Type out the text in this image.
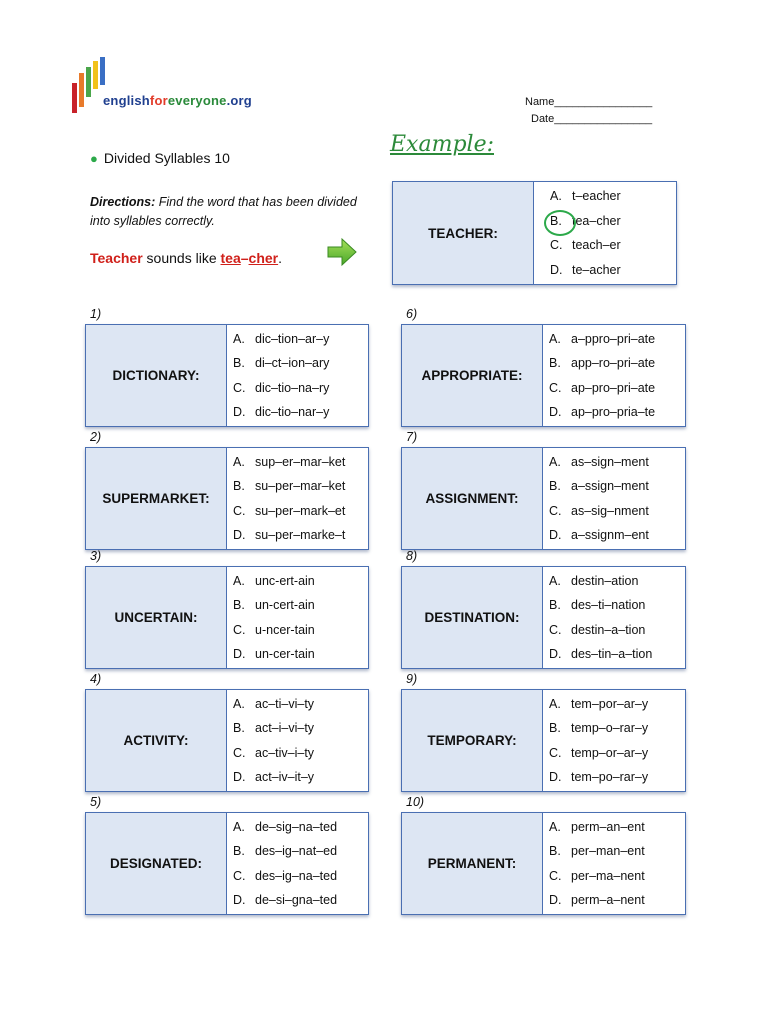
englishforeveryone.org	Name________________
Date________________
● Divided Syllables 10
Directions: Find the word that has been divided into syllables correctly.
Teacher sounds like tea–cher.
Example:
TEACHER:
A. t–eacher
B. tea–cher
C. teach–er
D. te–acher
1)
DICTIONARY:
A. dic–tion–ar–y
B. di–ct–ion–ary
C. dic–tio–na–ry
D. dic–tio–nar–y
2)
SUPERMARKET:
A. sup–er–mar–ket
B. su–per–mar–ket
C. su–per–mark–et
D. su–per–marke–t
3)
UNCERTAIN:
A. unc-ert-ain
B. un-cert-ain
C. u-ncer-tain
D. un-cer-tain
4)
ACTIVITY:
A. ac–ti–vi–ty
B. act–i–vi–ty
C. ac–tiv–i–ty
D. act–iv–it–y
5)
DESIGNATED:
A. de–sig–na–ted
B. des–ig–nat–ed
C. des–ig–na–ted
D. de–si–gna–ted
6)
APPROPRIATE:
A. a–ppro–pri–ate
B. app–ro–pri–ate
C. ap–pro–pri–ate
D. ap–pro–pria–te
7)
ASSIGNMENT:
A. as–sign–ment
B. a–ssign–ment
C. as–sig–nment
D. a–ssignm–ent
8)
DESTINATION:
A. destin–ation
B. des–ti–nation
C. destin–a–tion
D. des–tin–a–tion
9)
TEMPORARY:
A. tem–por–ar–y
B. temp–o–rar–y
C. temp–or–ar–y
D. tem–po–rar–y
10)
PERMANENT:
A. perm–an–ent
B. per–man–ent
C. per–ma–nent
D. perm–a–nent
